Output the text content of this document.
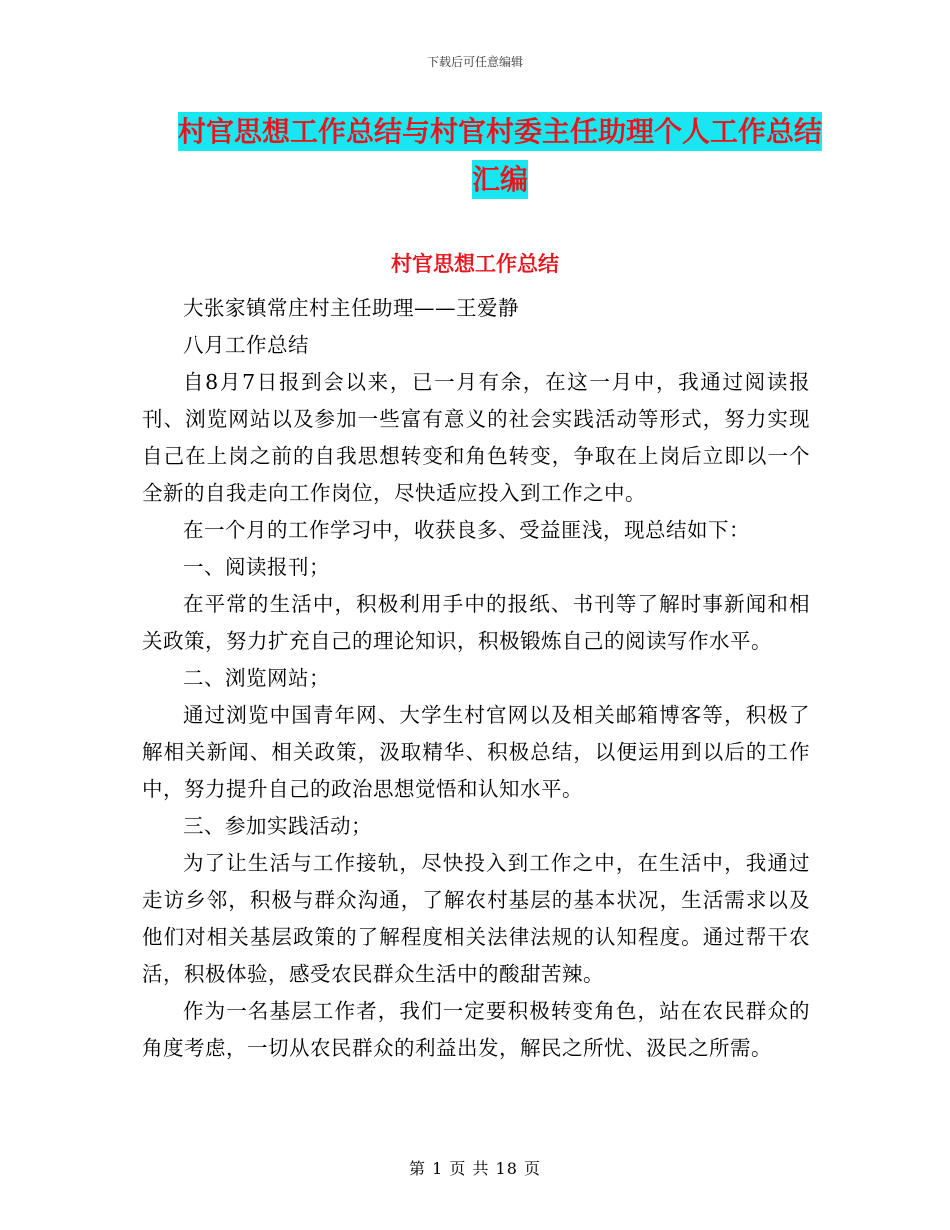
下载后可任意编辑
村官思想工作总结与村官村委主任助理个人工作总结
汇编
村官思想工作总结

大张家镇常庄村主任助理——王爱静

八月工作总结

自8月7日报到会以来，已一月有余，在这一月中，我通过阅读报刊、浏览网站以及参加一些富有意义的社会实践活动等形式，努力实现自己在上岗之前的自我思想转变和角色转变，争取在上岗后立即以一个全新的自我走向工作岗位，尽快适应投入到工作之中。

在一个月的工作学习中，收获良多、受益匪浅，现总结如下：

一、阅读报刊；

在平常的生活中，积极利用手中的报纸、书刊等了解时事新闻和相关政策，努力扩充自己的理论知识，积极锻炼自己的阅读写作水平。

二、浏览网站；

通过浏览中国青年网、大学生村官网以及相关邮箱博客等，积极了解相关新闻、相关政策，汲取精华、积极总结，以便运用到以后的工作中，努力提升自己的政治思想觉悟和认知水平。

三、参加实践活动；

为了让生活与工作接轨，尽快投入到工作之中，在生活中，我通过走访乡邻，积极与群众沟通，了解农村基层的基本状况，生活需求以及他们对相关基层政策的了解程度相关法律法规的认知程度。通过帮干农活，积极体验，感受农民群众生活中的酸甜苦辣。

作为一名基层工作者，我们一定要积极转变角色，站在农民群众的角度考虑，一切从农民群众的利益出发，解民之所忧、汲民之所需。

第 1 页 共 18 页
